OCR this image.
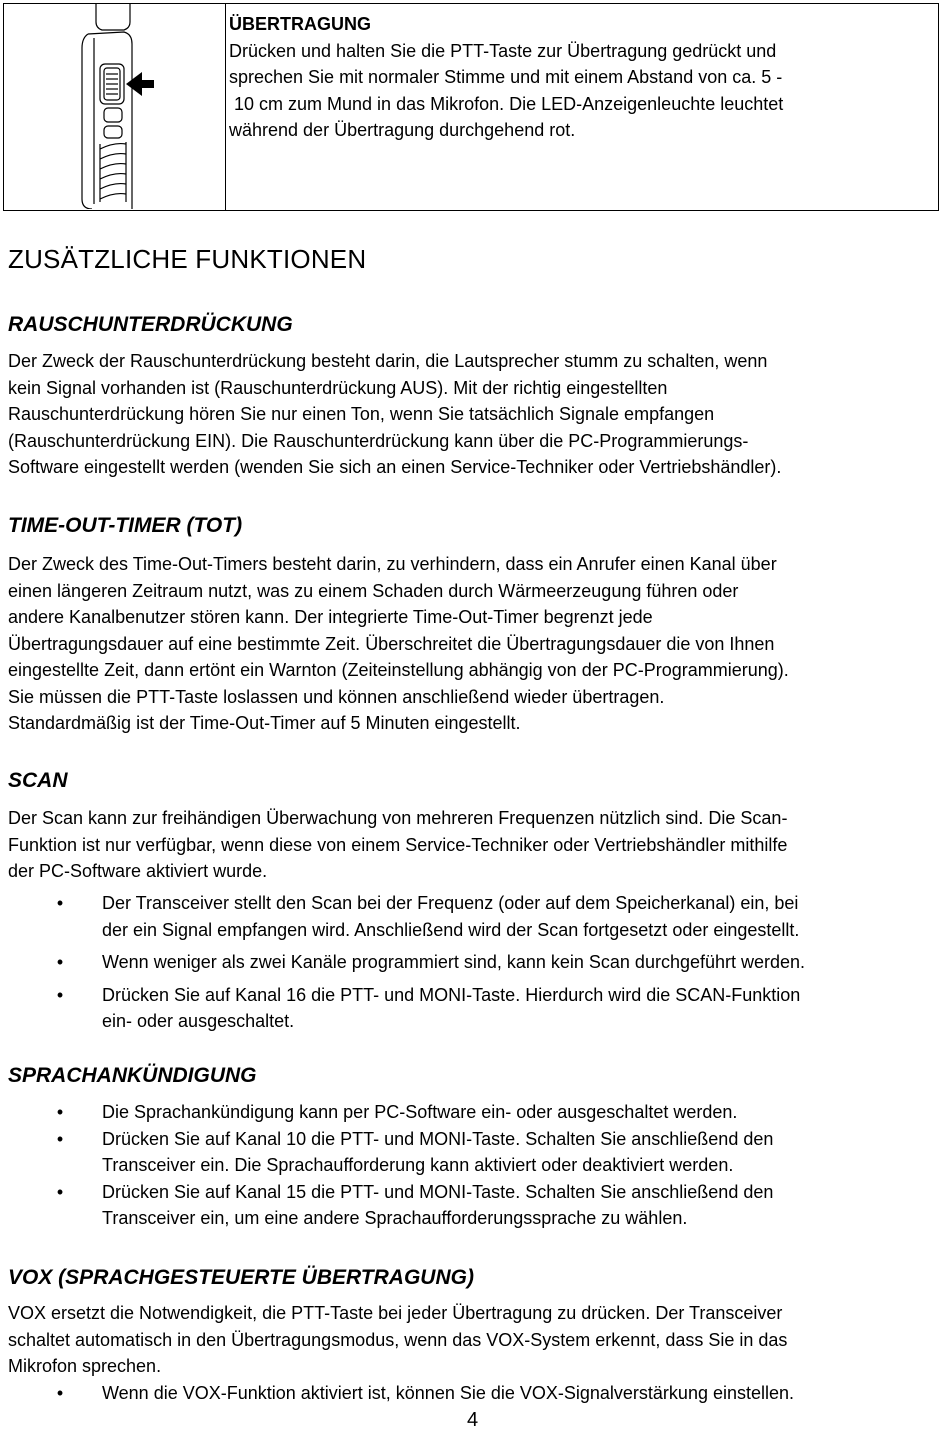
ÜBERTRAGUNG
Drücken und halten Sie die PTT-Taste zur Übertragung gedrückt und
sprechen Sie mit normaler Stimme und mit einem Abstand von ca. 5 -
10 cm zum Mund in das Mikrofon. Die LED-Anzeigenleuchte leuchtet
während der Übertragung durchgehend rot.
ZUSÄTZLICHE FUNKTIONEN
RAUSCHUNTERDRÜCKUNG

Der Zweck der Rauschunterdrückung besteht darin, die Lautsprecher stumm zu schalten, wenn

kein Signal vorhanden ist (Rauschunterdrückung AUS). Mit der richtig eingestellten

Rauschunterdrückung hören Sie nur einen Ton, wenn Sie tatsächlich Signale empfangen

(Rauschunterdrückung EIN). Die Rauschunterdrückung kann über die PC-Programmierungs-

Software eingestellt werden (wenden Sie sich an einen Service-Techniker oder Vertriebshändler).

TIME-OUT-TIMER (TOT)

Der Zweck des Time-Out-Timers besteht darin, zu verhindern, dass ein Anrufer einen Kanal über

einen längeren Zeitraum nutzt, was zu einem Schaden durch Wärmeerzeugung führen oder

andere Kanalbenutzer stören kann. Der integrierte Time-Out-Timer begrenzt jede

Übertragungsdauer auf eine bestimmte Zeit. Überschreitet die Übertragungsdauer die von Ihnen

eingestellte Zeit, dann ertönt ein Warnton (Zeiteinstellung abhängig von der PC-Programmierung).

Sie müssen die PTT-Taste loslassen und können anschließend wieder übertragen.

Standardmäßig ist der Time-Out-Timer auf 5 Minuten eingestellt.

SCAN

Der Scan kann zur freihändigen Überwachung von mehreren Frequenzen nützlich sind. Die Scan-

Funktion ist nur verfügbar, wenn diese von einem Service-Techniker oder Vertriebshändler mithilfe

der PC-Software aktiviert wurde.

• Der Transceiver stellt den Scan bei der Frequenz (oder auf dem Speicherkanal) ein, bei
der ein Signal empfangen wird. Anschließend wird der Scan fortgesetzt oder eingestellt.
• Wenn weniger als zwei Kanäle programmiert sind, kann kein Scan durchgeführt werden.
• Drücken Sie auf Kanal 16 die PTT- und MONI-Taste. Hierdurch wird die SCAN-Funktion
ein- oder ausgeschaltet.
SPRACHANKÜNDIGUNG
• Die Sprachankündigung kann per PC-Software ein- oder ausgeschaltet werden.
• Drücken Sie auf Kanal 10 die PTT- und MONI-Taste. Schalten Sie anschließend den
Transceiver ein. Die Sprachaufforderung kann aktiviert oder deaktiviert werden.
• Drücken Sie auf Kanal 15 die PTT- und MONI-Taste. Schalten Sie anschließend den
Transceiver ein, um eine andere Sprachaufforderungssprache zu wählen.
VOX (SPRACHGESTEUERTE ÜBERTRAGUNG)

VOX ersetzt die Notwendigkeit, die PTT-Taste bei jeder Übertragung zu drücken. Der Transceiver

schaltet automatisch in den Übertragungsmodus, wenn das VOX-System erkennt, dass Sie in das

Mikrofon sprechen.

• Wenn die VOX-Funktion aktiviert ist, können Sie die VOX-Signalverstärkung einstellen.
4
